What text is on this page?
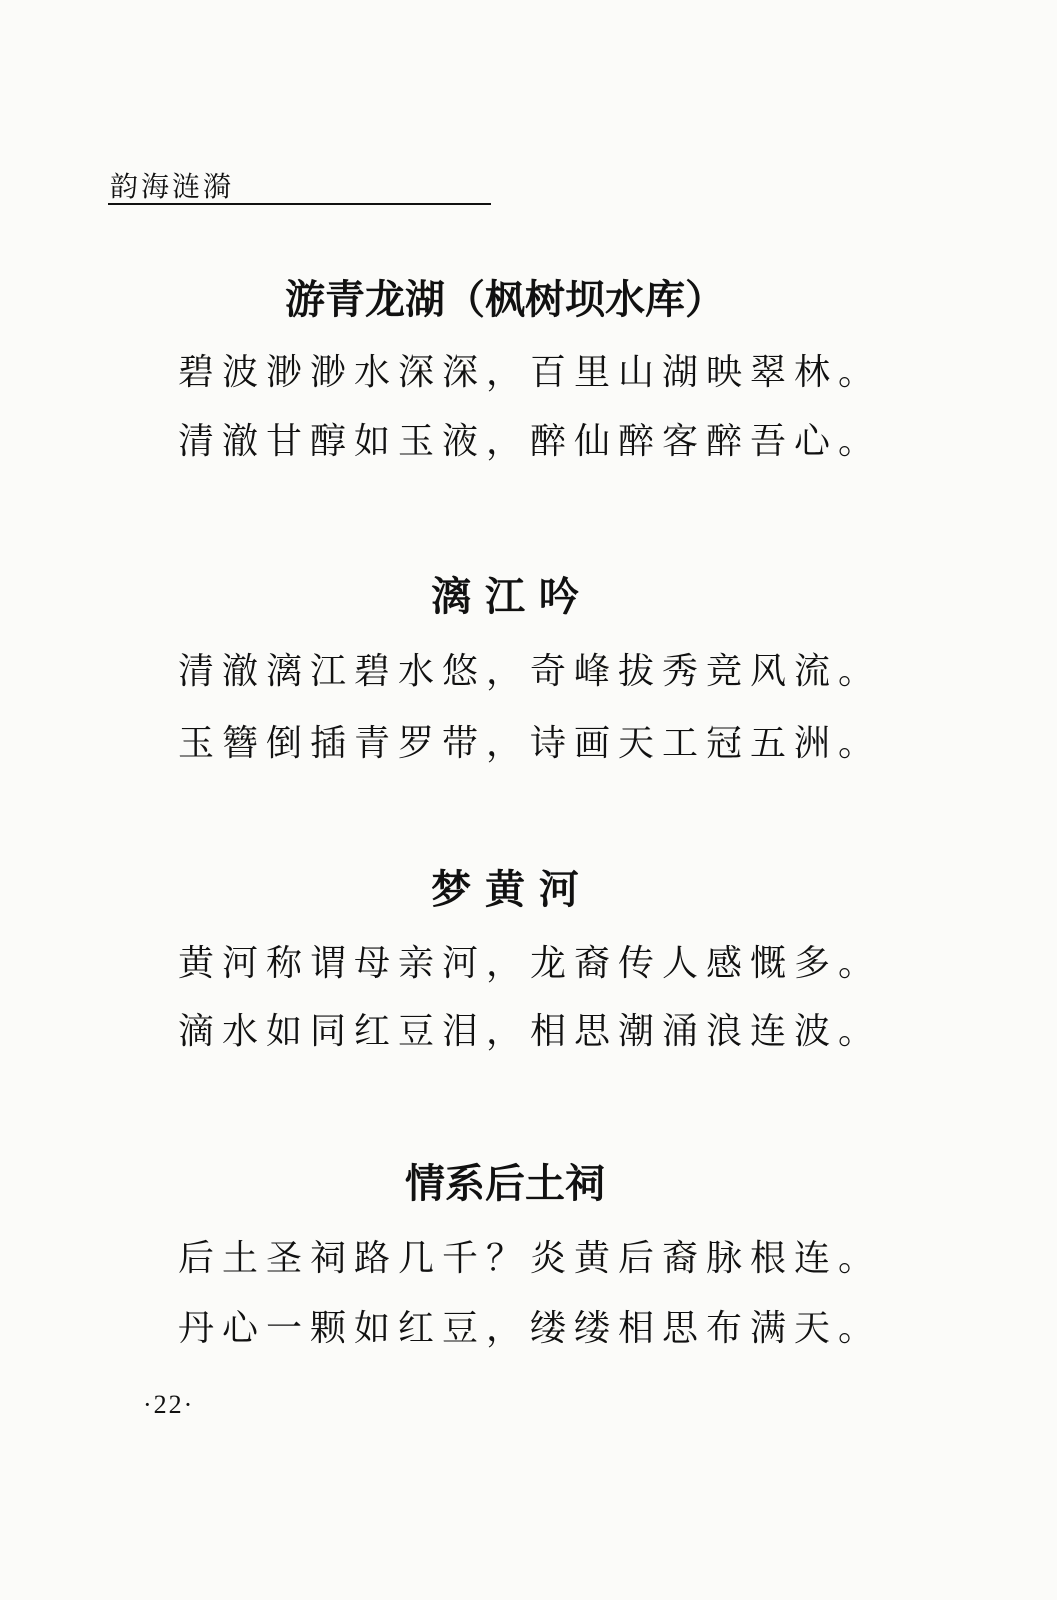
韵海涟漪
游青龙湖（枫树坝水库）
碧波渺渺水深深，百里山湖映翠林。
清澈甘醇如玉液，醉仙醉客醉吾心。
漓 江 吟
清澈漓江碧水悠，奇峰拔秀竞风流。
玉簪倒插青罗带，诗画天工冠五洲。
梦 黄 河
黄河称谓母亲河，龙裔传人感慨多。
滴水如同红豆泪，相思潮涌浪连波。
情系后土祠
后土圣祠路几千？炎黄后裔脉根连。
丹心一颗如红豆，缕缕相思布满天。
·22·
